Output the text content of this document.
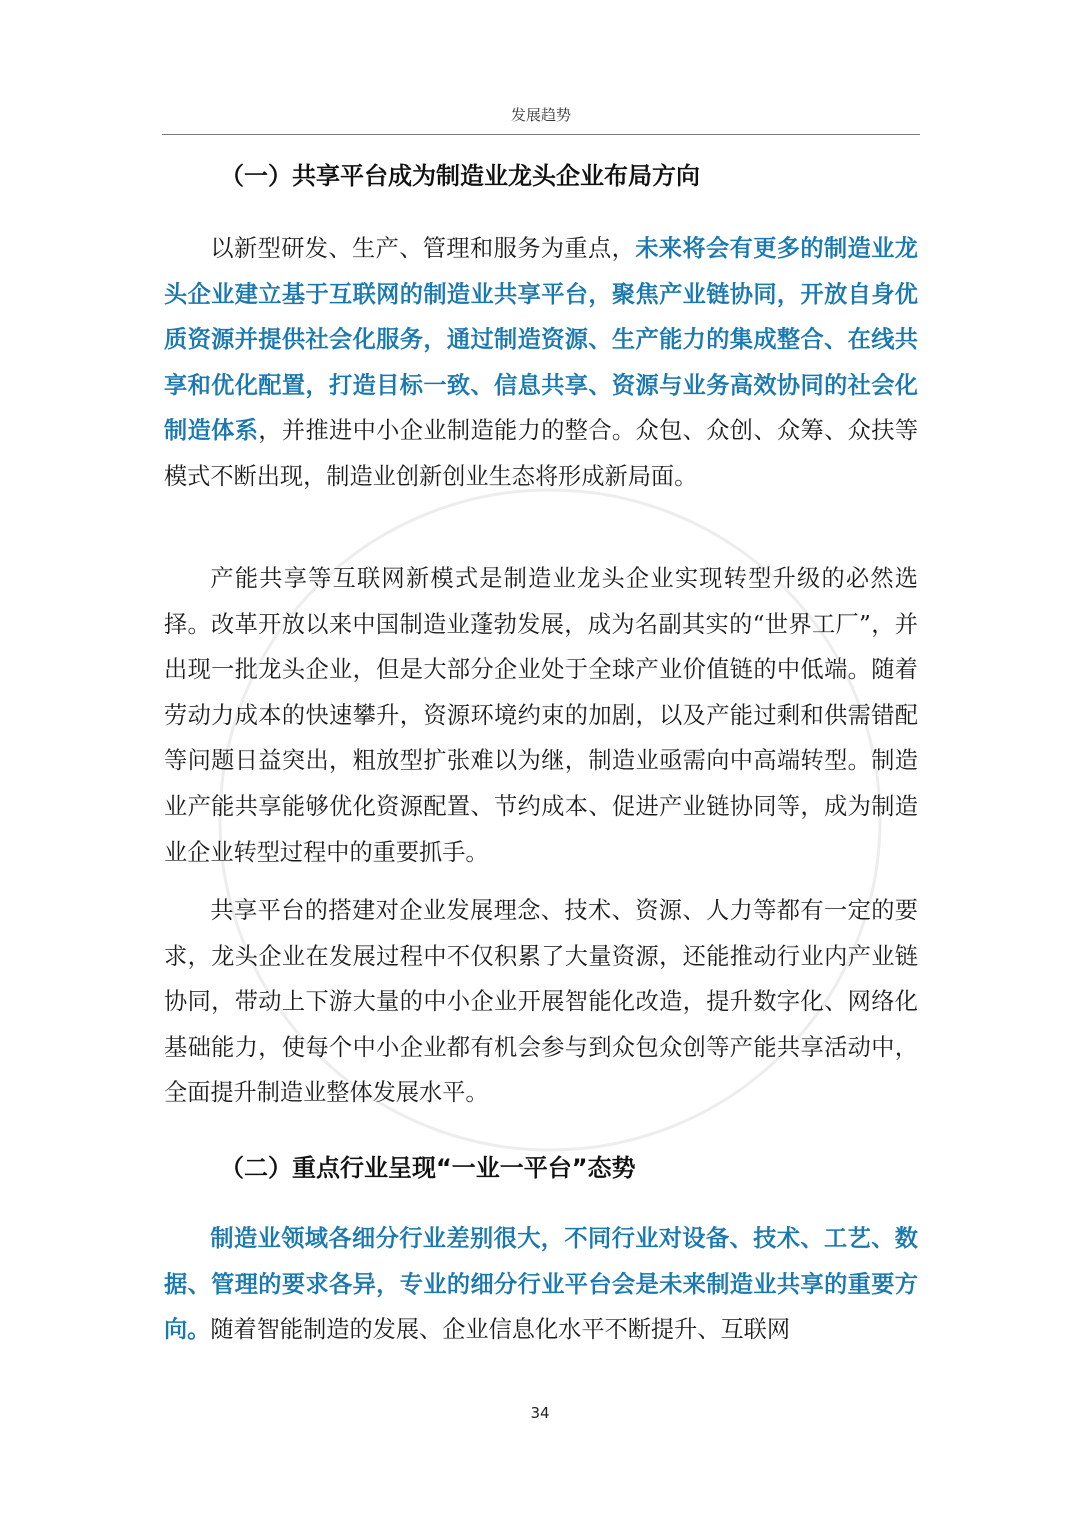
发展趋势
（一）共享平台成为制造业龙头企业布局方向

以新型研发、生产、管理和服务为重点，未来将会有更多的制造业龙头企业建立基于互联网的制造业共享平台，聚焦产业链协同，开放自身优质资源并提供社会化服务，通过制造资源、生产能力的集成整合、在线共享和优化配置，打造目标一致、信息共享、资源与业务高效协同的社会化制造体系，并推进中小企业制造能力的整合。众包、众创、众筹、众扶等模式不断出现，制造业创新创业生态将形成新局面。

产能共享等互联网新模式是制造业龙头企业实现转型升级的必然选择。改革开放以来中国制造业蓬勃发展，成为名副其实的“世界工厂”，并出现一批龙头企业，但是大部分企业处于全球产业价值链的中低端。随着劳动力成本的快速攀升，资源环境约束的加剧，以及产能过剩和供需错配等问题日益突出，粗放型扩张难以为继，制造业亟需向中高端转型。制造业产能共享能够优化资源配置、节约成本、促进产业链协同等，成为制造业企业转型过程中的重要抓手。

共享平台的搭建对企业发展理念、技术、资源、人力等都有一定的要求，龙头企业在发展过程中不仅积累了大量资源，还能推动行业内产业链协同，带动上下游大量的中小企业开展智能化改造，提升数字化、网络化基础能力，使每个中小企业都有机会参与到众包众创等产能共享活动中，全面提升制造业整体发展水平。

（二）重点行业呈现“一业一平台”态势

制造业领域各细分行业差别很大，不同行业对设备、技术、工艺、数据、管理的要求各异，专业的细分行业平台会是未来制造业共享的重要方向。随着智能制造的发展、企业信息化水平不断提升、互联网

34
